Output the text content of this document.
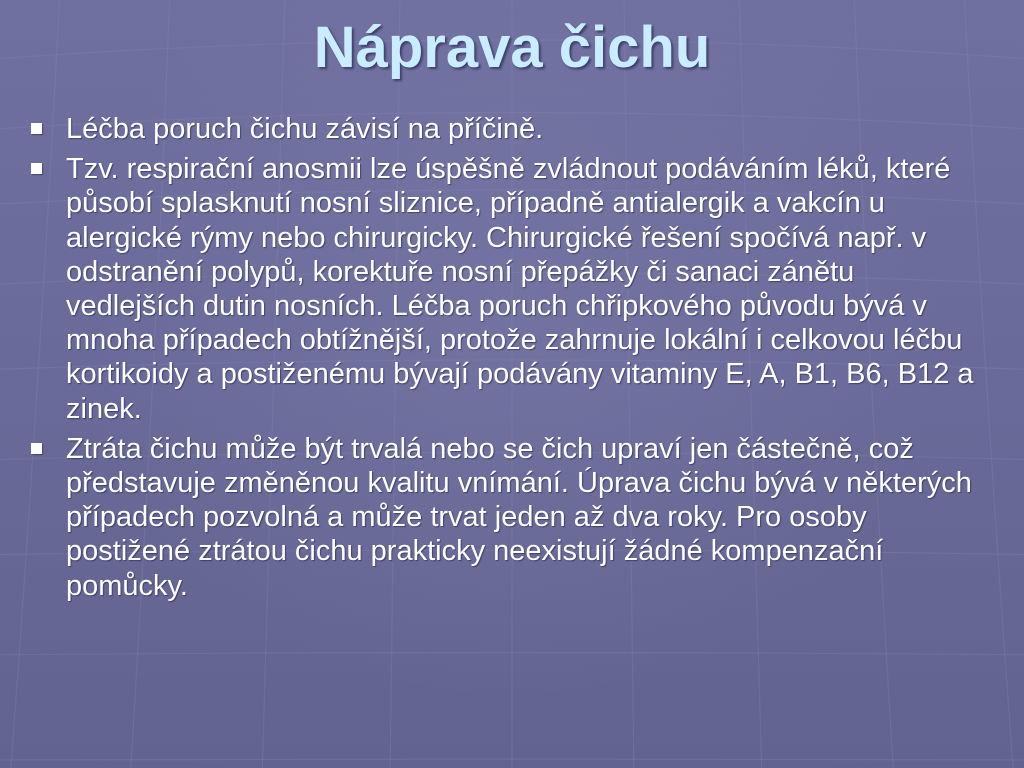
Náprava čichu
Léčba poruch čichu závisí na příčině.
Tzv. respirační anosmii lze úspěšně zvládnout podáváním léků, které působí splasknutí nosní sliznice, případně antialergik a vakcín u alergické rýmy nebo chirurgicky. Chirurgické řešení spočívá např. v odstranění polypů, korektuře nosní přepážky či sanaci zánětu vedlejších dutin nosních. Léčba poruch chřipkového původu bývá v mnoha případech obtížnější, protože zahrnuje lokální i celkovou léčbu kortikoidy a postiženému bývají podávány vitaminy E, A, B1, B6, B12 a zinek.
Ztráta čichu může být trvalá nebo se čich upraví jen částečně, což představuje změněnou kvalitu vnímání. Úprava čichu bývá v některých případech pozvolná a může trvat jeden až dva roky. Pro osoby postižené ztrátou čichu prakticky neexistují žádné kompenzační pomůcky.
